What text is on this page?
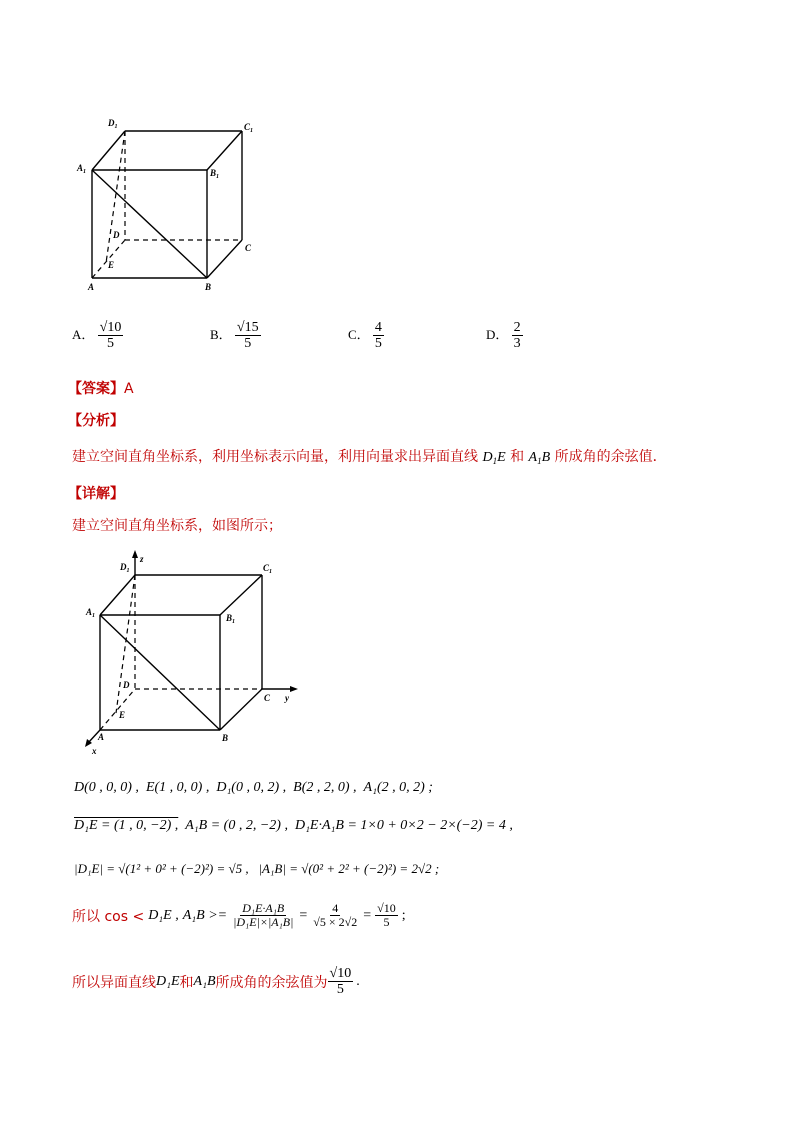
$D_1$	$C_1$
$A_1$	$B_1$
D
C
E
A	B
A． $\frac{√10}{5}$	B． $\frac{√15}{5}$	C． $\frac{4}{5}$	D． $\frac{2}{3}$
【答案】A
【分析】
建立空间直角坐标系，利用坐标表示向量，利用向量求出异面直线 $D_1E$ 和 $A_1B$ 所成角的余弦值．
【详解】
建立空间直角坐标系，如图所示；
z
$D_1$	$C_1$
$A_1$	$B_1$
D
C y
E
A	B
x
D(0 , 0, 0) , E(1 , 0, 0) , D₁(0 , 0, 2) , B(2 , 2, 0) , A₁(2 , 0, 2) ;
D₁E = (1 , 0, −2) , A₁B = (0 , 2, −2) , D₁E·A₁B = 1×0 + 0×2 − 2×(−2) = 4 ,
|D₁E| = √(1² + 0² + (−2)²) = √5 , |A₁B| = √(0² + 2² + (−2)²) = 2√2 ;
所以 cos < D₁E , $A_1B >= \frac{\text{D₁E·A₁B}}{\text{|D₁E|×|A₁B|}} = \frac{4}{√5 \times 2√2} = \frac{√10}{5}$ ;
所以异面直线 D₁E 和 A₁B 所成角的余弦值为 $\frac{√10}{5}$ .
